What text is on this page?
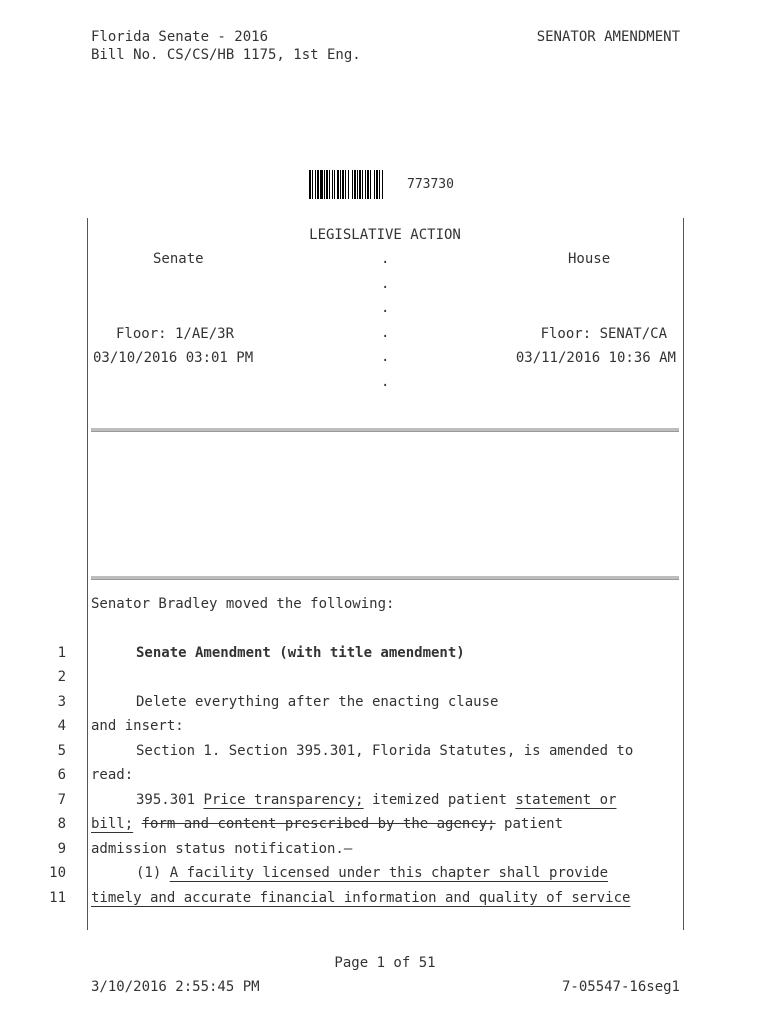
Florida Senate - 2016
Bill No. CS/CS/HB 1175, 1st Eng.
SENATOR AMENDMENT
773730
LEGISLATIVE ACTION
Senate	House
.
.
.
.
.
.
Floor: 1/AE/3R
03/10/2016 03:01 PM
Floor: SENAT/CA
03/11/2016 10:36 AM
Senator Bradley moved the following:
1
2
3
4
5
6
7
8
9
10
11
Senate Amendment (with title amendment)
Delete everything after the enacting clause
and insert:
Section 1. Section 395.301, Florida Statutes, is amended to
read:
395.301 Price transparency; itemized patient statement or
bill; form and content prescribed by the agency; patient
admission status notification.—
(1) A facility licensed under this chapter shall provide
timely and accurate financial information and quality of service
Page 1 of 51
3/10/2016 2:55:45 PM	7-05547-16seg1
